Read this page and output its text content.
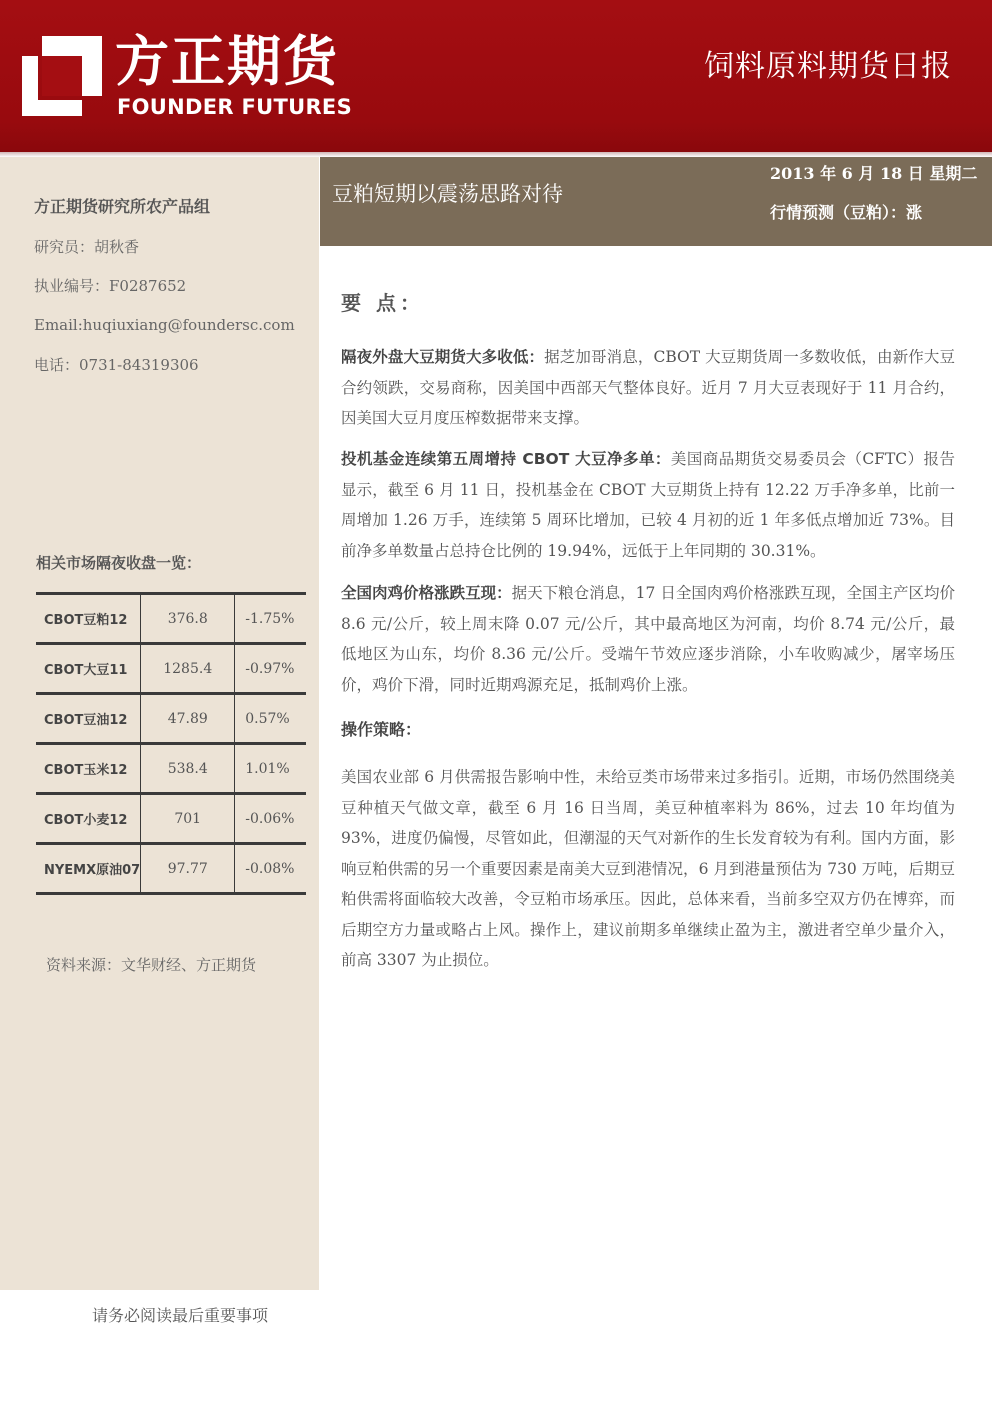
方正期货
FOUNDER FUTURES
饲料原料期货日报
方正期货研究所农产品组
研究员：胡秋香
执业编号：F0287652
Email:huqiuxiang@foundersc.com
电话：0731-84319306
相关市场隔夜收盘一览：
CBOT豆粕12	376.8	-1.75%
CBOT大豆11	1285.4	-0.97%
CBOT豆油12	47.89	0.57%
CBOT玉米12	538.4	1.01%
CBOT小麦12	701	-0.06%
NYEMX原油07	97.77	-0.08%
资料来源：文华财经、方正期货
请务必阅读最后重要事项
豆粕短期以震荡思路对待
2013 年 6 月 18 日 星期二
行情预测（豆粕）：涨
要 点：
隔夜外盘大豆期货大多收低：据芝加哥消息，CBOT 大豆期货周一多数收低，由新作大豆合约领跌，交易商称，因美国中西部天气整体良好。近月 7 月大豆表现好于 11 月合约，因美国大豆月度压榨数据带来支撑。
投机基金连续第五周增持 CBOT 大豆净多单：美国商品期货交易委员会（CFTC）报告显示，截至 6 月 11 日，投机基金在 CBOT 大豆期货上持有 12.22 万手净多单，比前一周增加 1.26 万手，连续第 5 周环比增加，已较 4 月初的近 1 年多低点增加近 73%。目前净多单数量占总持仓比例的 19.94%，远低于上年同期的 30.31%。
全国肉鸡价格涨跌互现：据天下粮仓消息，17 日全国肉鸡价格涨跌互现，全国主产区均价 8.6 元/公斤，较上周末降 0.07 元/公斤，其中最高地区为河南，均价 8.74 元/公斤，最低地区为山东，均价 8.36 元/公斤。受端午节效应逐步消除，小车收购减少，屠宰场压价，鸡价下滑，同时近期鸡源充足，抵制鸡价上涨。
操作策略：
美国农业部 6 月供需报告影响中性，未给豆类市场带来过多指引。近期，市场仍然围绕美豆种植天气做文章，截至 6 月 16 日当周，美豆种植率料为 86%，过去 10 年均值为 93%，进度仍偏慢，尽管如此，但潮湿的天气对新作的生长发育较为有利。国内方面，影响豆粕供需的另一个重要因素是南美大豆到港情况，6 月到港量预估为 730 万吨，后期豆粕供需将面临较大改善，令豆粕市场承压。因此，总体来看，当前多空双方仍在博弈，而后期空方力量或略占上风。操作上，建议前期多单继续止盈为主，激进者空单少量介入，前高 3307 为止损位。
